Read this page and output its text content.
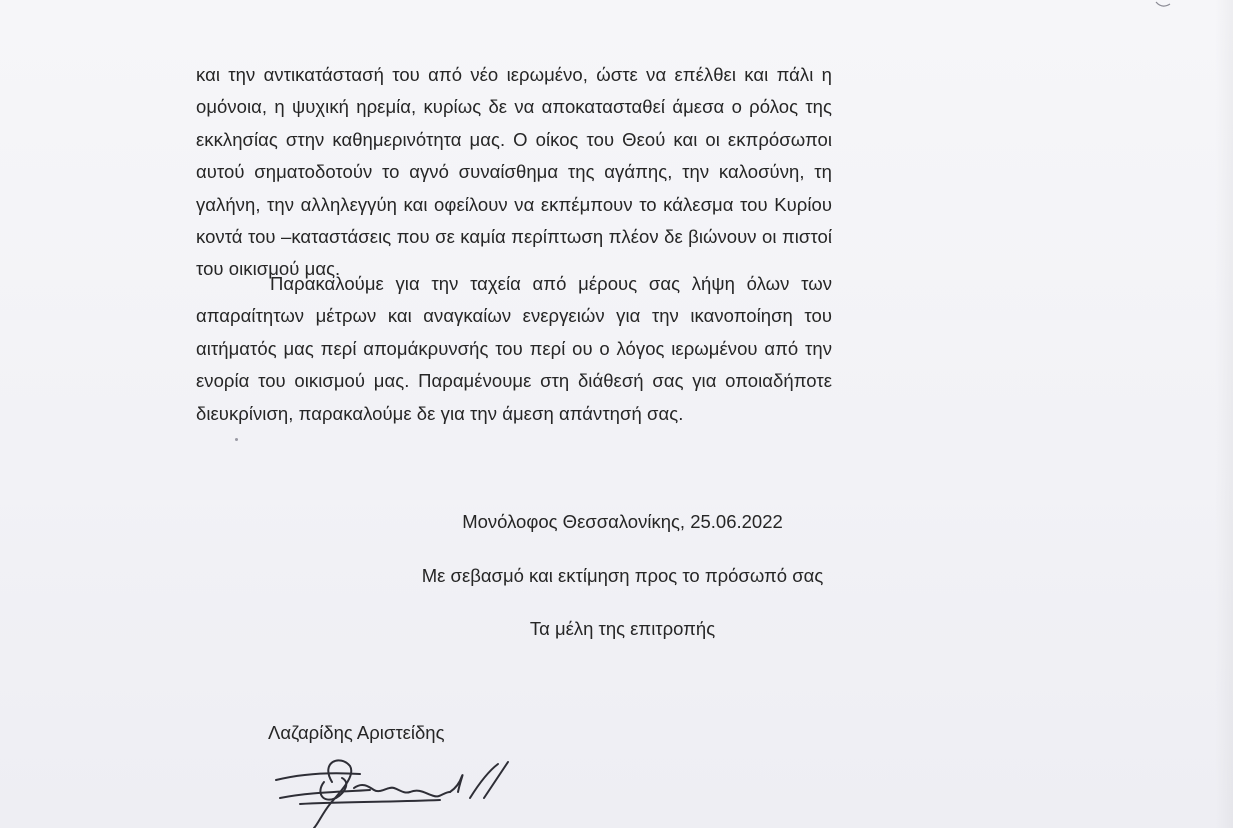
και την αντικατάστασή του από νέο ιερωμένο, ώστε να επέλθει και πάλι η ομόνοια, η ψυχική ηρεμία, κυρίως δε να αποκατασταθεί άμεσα ο ρόλος της εκκλησίας στην καθημερινότητα μας. Ο οίκος του Θεού και οι εκπρόσωποι αυτού σηματοδοτούν το αγνό συναίσθημα της αγάπης, την καλοσύνη, τη γαλήνη, την αλληλεγγύη και οφείλουν να εκπέμπουν το κάλεσμα του Κυρίου κοντά του –καταστάσεις που σε καμία περίπτωση πλέον δε βιώνουν οι πιστοί του οικισμού μας.

Παρακαλούμε για την ταχεία από μέρους σας λήψη όλων των απαραίτητων μέτρων και αναγκαίων ενεργειών για την ικανοποίηση του αιτήματός μας περί απομάκρυνσής του περί ου ο λόγος ιερωμένου από την ενορία του οικισμού μας. Παραμένουμε στη διάθεσή σας για οποιαδήποτε διευκρίνιση, παρακαλούμε δε για την άμεση απάντησή σας.

Μονόλοφος Θεσσαλονίκης, 25.06.2022

Με σεβασμό και εκτίμηση προς το πρόσωπό σας

Τα μέλη της επιτροπής

Λαζαρίδης Αριστείδης
